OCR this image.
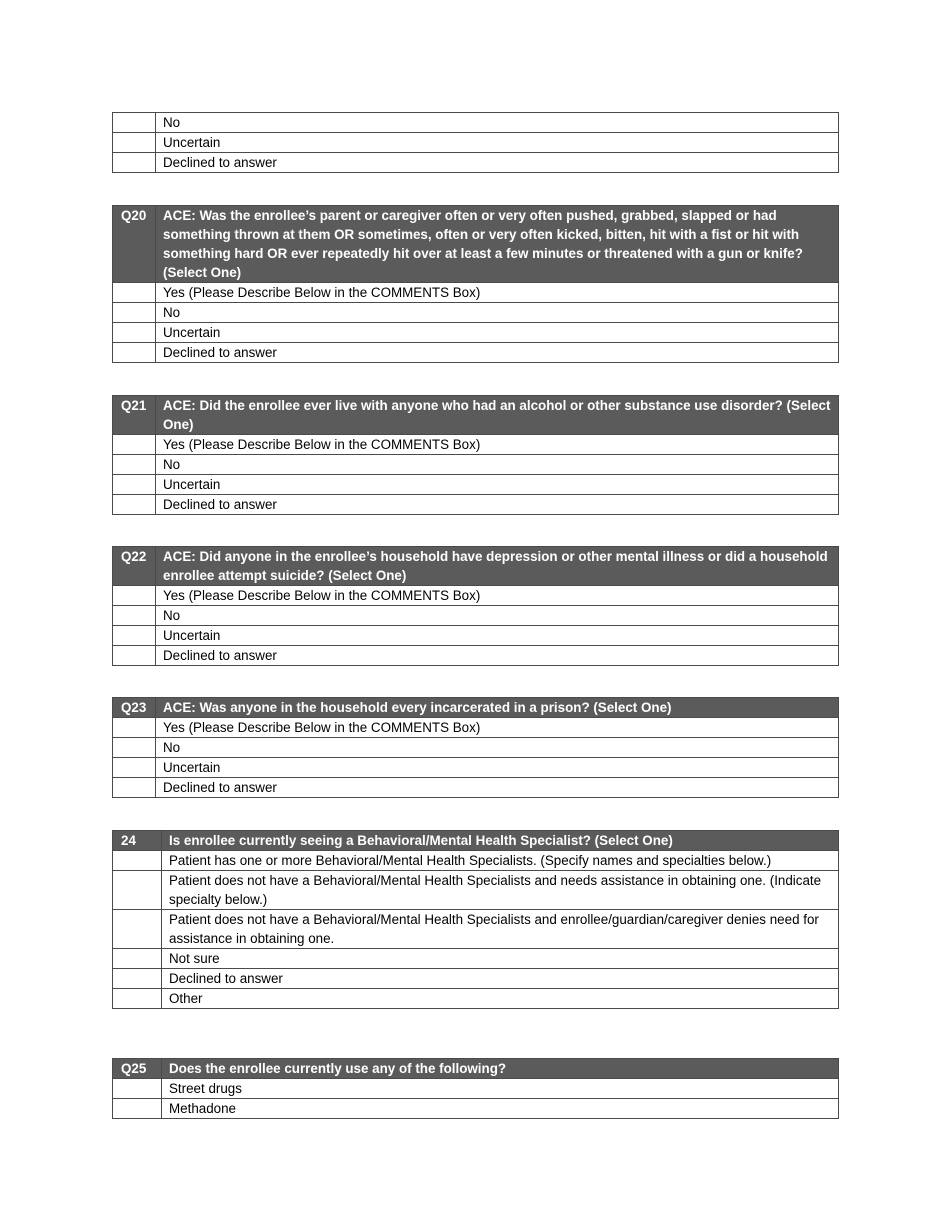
	No
	Uncertain
	Declined to answer
Q20	ACE: Was the enrollee’s parent or caregiver often or very often pushed, grabbed, slapped or had something thrown at them OR sometimes, often or very often kicked, bitten, hit with a fist or hit with something hard OR ever repeatedly hit over at least a few minutes or threatened with a gun or knife? (Select One)
	Yes (Please Describe Below in the COMMENTS Box)
	No
	Uncertain
	Declined to answer
Q21	ACE: Did the enrollee ever live with anyone who had an alcohol or other substance use disorder? (Select One)
	Yes (Please Describe Below in the COMMENTS Box)
	No
	Uncertain
	Declined to answer
Q22	ACE: Did anyone in the enrollee’s household have depression or other mental illness or did a household enrollee attempt suicide? (Select One)
	Yes (Please Describe Below in the COMMENTS Box)
	No
	Uncertain
	Declined to answer
Q23	ACE: Was anyone in the household every incarcerated in a prison? (Select One)
	Yes (Please Describe Below in the COMMENTS Box)
	No
	Uncertain
	Declined to answer
24	Is enrollee currently seeing a Behavioral/Mental Health Specialist? (Select One)
	Patient has one or more Behavioral/Mental Health Specialists. (Specify names and specialties below.)
	Patient does not have a Behavioral/Mental Health Specialists and needs assistance in obtaining one. (Indicate specialty below.)
	Patient does not have a Behavioral/Mental Health Specialists and enrollee/guardian/caregiver denies need for assistance in obtaining one.
	Not sure
	Declined to answer
	Other
Q25	Does the enrollee currently use any of the following?
	Street drugs
	Methadone
